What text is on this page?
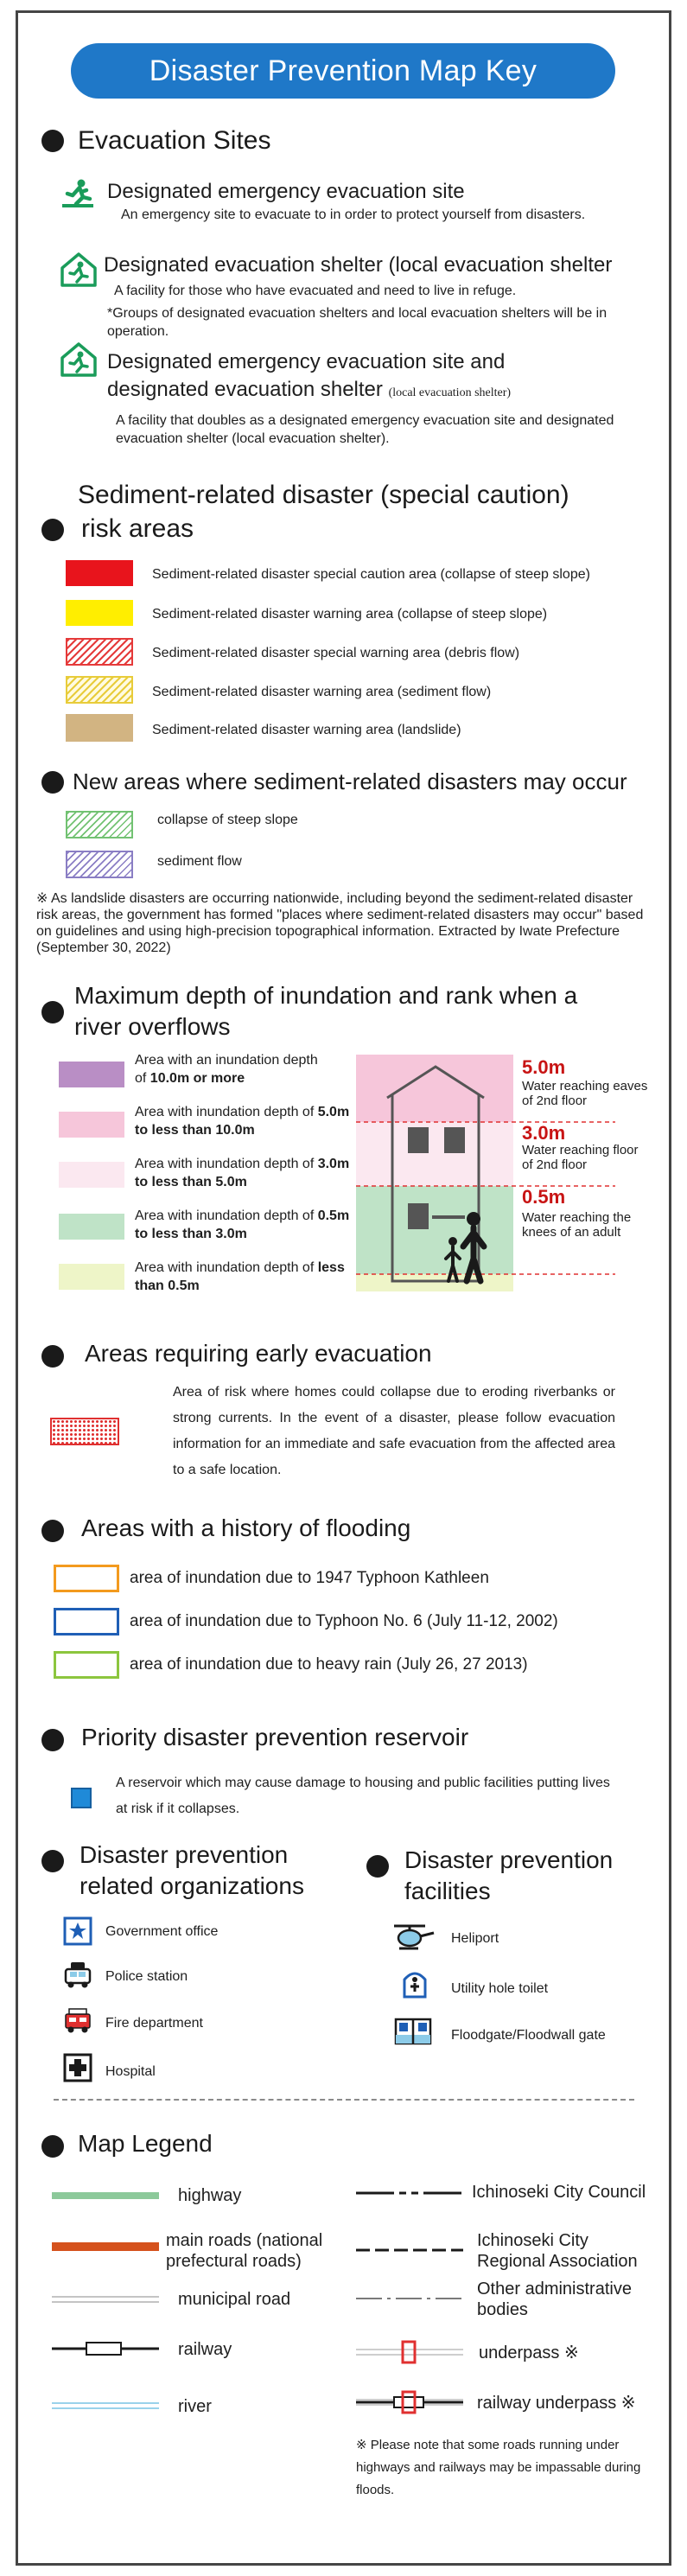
Disaster Prevention Map Key
Evacuation Sites
Designated emergency evacuation site
An emergency site to evacuate to in order to protect yourself from disasters.
Designated evacuation shelter (local evacuation shelter
A facility for those who have evacuated and need to live in refuge.
*Groups of designated evacuation shelters and local evacuation shelters will be in operation.
Designated emergency evacuation site and
designated evacuation shelter (local evacuation shelter)
A facility that doubles as a designated emergency evacuation site and designated evacuation shelter (local evacuation shelter).
Sediment-related disaster (special caution)
risk areas
Sediment-related disaster special caution area (collapse of steep slope)
Sediment-related disaster warning area (collapse of steep slope)
Sediment-related disaster special warning area (debris flow)
Sediment-related disaster warning area (sediment flow)
Sediment-related disaster warning area (landslide)
New areas where sediment-related disasters may occur
collapse of steep slope
sediment flow
※ As landslide disasters are occurring nationwide, including beyond the sediment-related disaster risk areas, the government has formed "places where sediment-related disasters may occur" based on guidelines and using high-precision topographical information. Extracted by Iwate Prefecture (September 30, 2022)
Maximum depth of inundation and rank when a
river overflows
Area with an inundation depth of 10.0m or more
Area with inundation depth of 5.0m to less than 10.0m
Area with inundation depth of 3.0m to less than 5.0m
Area with inundation depth of 0.5m to less than 3.0m
Area with inundation depth of less than 0.5m
5.0m
Water reaching eaves
of 2nd floor
3.0m
Water reaching floor
of 2nd floor
0.5m
Water reaching the
knees of an adult
Areas requiring early evacuation
Area of risk where homes could collapse due to eroding riverbanks or strong currents. In the event of a disaster, please follow evacuation information for an immediate and safe evacuation from the affected area to a safe location.
Areas with a history of flooding
area of inundation due to 1947 Typhoon Kathleen
area of inundation due to Typhoon No. 6 (July 11-12, 2002)
area of inundation due to heavy rain (July 26, 27 2013)
Priority disaster prevention reservoir
A reservoir which may cause damage to housing and public facilities putting lives at risk if it collapses.
Disaster prevention
related organizations
Government office
Police station
Fire department
Hospital
Disaster prevention
facilities
Heliport
Utility hole toilet
Floodgate/Floodwall gate
Map Legend
highway
main roads (national
prefectural roads)
municipal road
railway
river
Ichinoseki City Council
Ichinoseki City
Regional Association
Other administrative
bodies
underpass ※
railway underpass ※
※ Please note that some roads running under highways and railways may be impassable during floods.
